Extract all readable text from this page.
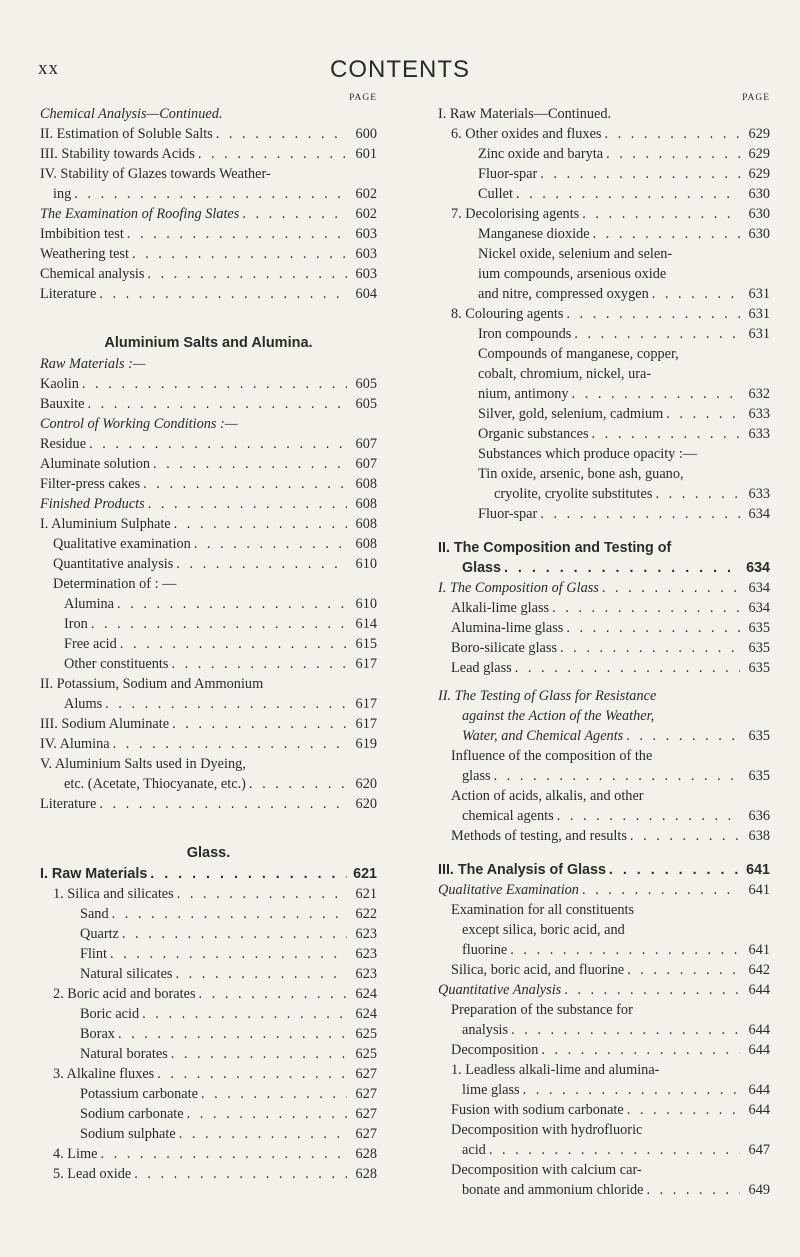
xx	CONTENTS
PAGE
Chemical Analysis—Continued.
II. Estimation of Soluble Salts . . .	600
III. Stability towards Acids . . .	601
IV. Stability of Glazes towards Weather-
ing . . .	602
The Examination of Roofing Slates . . .	602
Imbibition test . . .	603
Weathering test . . .	603
Chemical analysis . . .	603
Literature . . .	604
Aluminium Salts and Alumina.
Raw Materials :—
Kaolin . . .	605
Bauxite . . .	605
Control of Working Conditions :—
Residue . . .	607
Aluminate solution . . .	607
Filter-press cakes . . .	608
Finished Products . . .	608
I. Aluminium Sulphate . . .	608
Qualitative examination . . .	608
Quantitative analysis . . .	610
Determination of : —
Alumina . . .	610
Iron . . .	614
Free acid . . .	615
Other constituents . . .	617
II. Potassium, Sodium and Ammonium
Alums . . .	617
III. Sodium Aluminate . . .	617
IV. Alumina . . .	619
V. Aluminium Salts used in Dyeing,
etc. (Acetate, Thiocyanate, etc.) . . .	620
Literature . . .	620
Glass.
I. Raw Materials . . .	621
1. Silica and silicates . . .	621
Sand . . .	622
Quartz . . .	623
Flint . . .	623
Natural silicates . . .	623
2. Boric acid and borates . . .	624
Boric acid . . .	624
Borax . . .	625
Natural borates . . .	625
3. Alkaline fluxes . . .	627
Potassium carbonate . . .	627
Sodium carbonate . . .	627
Sodium sulphate . . .	627
4. Lime . . .	628
5. Lead oxide . . .	628
PAGE
I. Raw Materials—Continued.
6. Other oxides and fluxes . . .	629
Zinc oxide and baryta . . .	629
Fluor-spar . . .	629
Cullet . . .	630
7. Decolorising agents . . .	630
Manganese dioxide . . .	630
Nickel oxide, selenium and selen-
ium compounds, arsenious oxide
and nitre, compressed oxygen . . .	631
8. Colouring agents . . .	631
Iron compounds . . .	631
Compounds of manganese, copper,
cobalt, chromium, nickel, ura-
nium, antimony . . .	632
Silver, gold, selenium, cadmium . . .	633
Organic substances . . .	633
Substances which produce opacity :—
Tin oxide, arsenic, bone ash, guano,
cryolite, cryolite substitutes . . .	633
Fluor-spar . . .	634
II. The Composition and Testing of
Glass . . .	634
I. The Composition of Glass . . .	634
Alkali-lime glass . . .	634
Alumina-lime glass . . .	635
Boro-silicate glass . . .	635
Lead glass . . .	635
II. The Testing of Glass for Resistance
against the Action of the Weather,
Water, and Chemical Agents . . .	635
Influence of the composition of the
glass . . .	635
Action of acids, alkalis, and other
chemical agents . . .	636
Methods of testing, and results . . .	638
III. The Analysis of Glass . . .	641
Qualitative Examination . . .	641
Examination for all constituents
except silica, boric acid, and
fluorine . . .	641
Silica, boric acid, and fluorine . . .	642
Quantitative Analysis . . .	644
Preparation of the substance for
analysis . . .	644
Decomposition . . .	644
1. Leadless alkali-lime and alumina-
lime glass . . .	644
Fusion with sodium carbonate . . .	644
Decomposition with hydrofluoric
acid . . .	647
Decomposition with calcium car-
bonate and ammonium chloride . . .	649
